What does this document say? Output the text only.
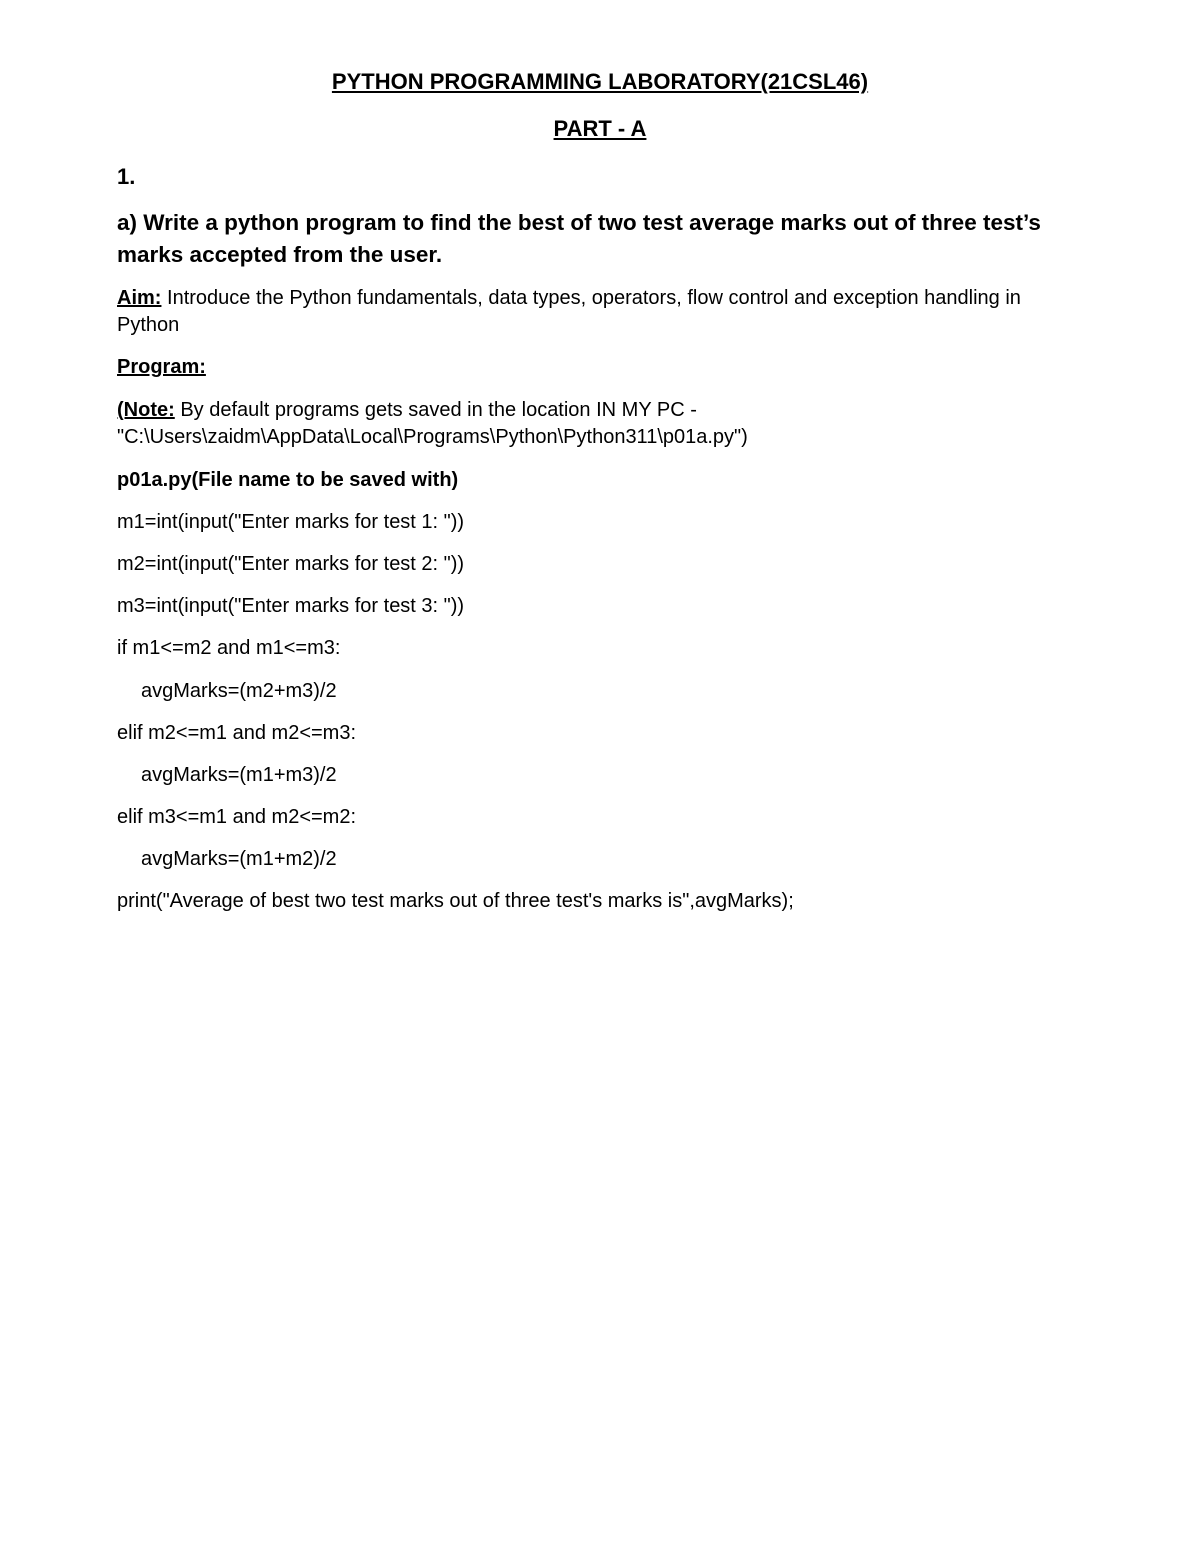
PYTHON PROGRAMMING LABORATORY(21CSL46)
PART - A
1.
a) Write a python program to find the best of two test average marks out of three test’s marks accepted from the user.
Aim: Introduce the Python fundamentals, data types, operators, flow control and exception handling in Python
Program:
(Note: By default programs gets saved in the location IN MY PC -
"C:\Users\zaidm\AppData\Local\Programs\Python\Python311\p01a.py")
p01a.py(File name to be saved with)
m1=int(input("Enter marks for test 1: "))
m2=int(input("Enter marks for test 2: "))
m3=int(input("Enter marks for test 3: "))
if m1<=m2 and m1<=m3:
avgMarks=(m2+m3)/2
elif m2<=m1 and m2<=m3:
avgMarks=(m1+m3)/2
elif m3<=m1 and m2<=m2:
avgMarks=(m1+m2)/2
print("Average of best two test marks out of three test's marks is",avgMarks);
